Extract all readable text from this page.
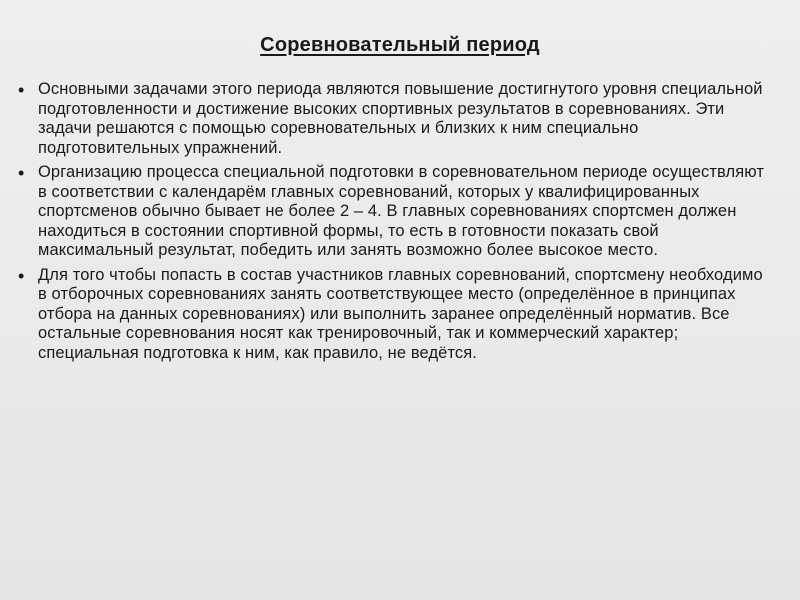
Соревновательный период
• Основными задачами этого периода являются повышение достигнутого уровня специальной подготовленности и достижение высоких спортивных результатов в соревнованиях. Эти задачи решаются с помощью соревновательных и близких к ним специально подготовительных упражнений.
• Организацию процесса специальной подготовки в соревновательном периоде осуществляют в соответствии с календарём главных соревнований, которых у квалифицированных спортсменов обычно бывает не более 2 – 4. В главных соревнованиях спортсмен должен находиться в состоянии спортивной формы, то есть в готовности показать свой максимальный результат, победить или занять возможно более высокое место.
• Для того чтобы попасть в состав участников главных соревнований, спортсмену необходимо в отборочных соревнованиях занять соответствующее место (определённое в принципах отбора на данных соревнованиях) или выполнить заранее определённый норматив. Все остальные соревнования носят как тренировочный, так и коммерческий характер; специальная подготовка к ним, как правило, не ведётся.
